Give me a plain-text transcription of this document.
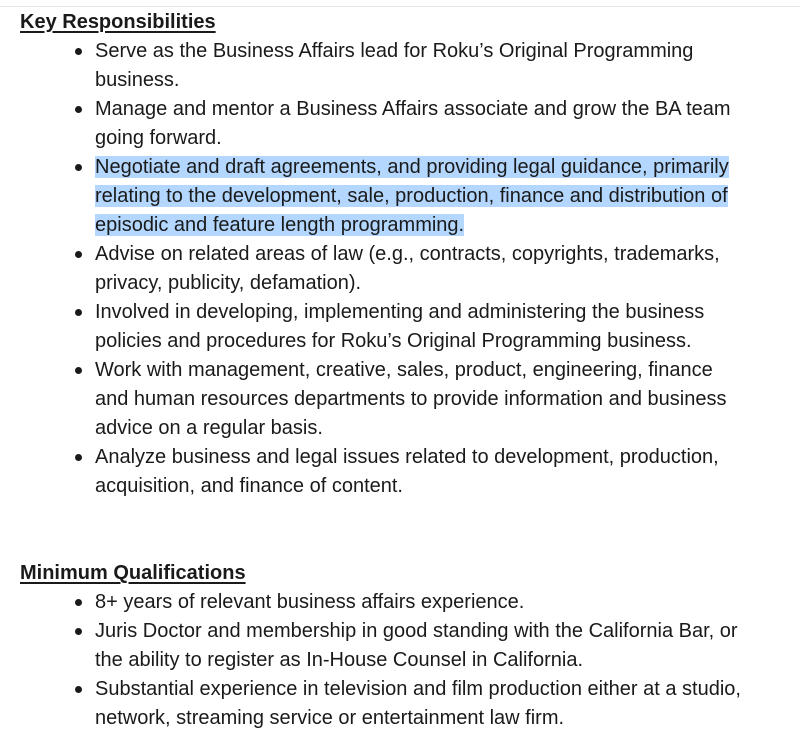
Key Responsibilities
Serve as the Business Affairs lead for Roku’s Original Programming business.
Manage and mentor a Business Affairs associate and grow the BA team going forward.
Negotiate and draft agreements, and providing legal guidance, primarily relating to the development, sale, production, finance and distribution of episodic and feature length programming.
Advise on related areas of law (e.g., contracts, copyrights, trademarks, privacy, publicity, defamation).
Involved in developing, implementing and administering the business policies and procedures for Roku’s Original Programming business.
Work with management, creative, sales, product, engineering, finance and human resources departments to provide information and business advice on a regular basis.
Analyze business and legal issues related to development, production, acquisition, and finance of content.
Minimum Qualifications
8+ years of relevant business affairs experience.
Juris Doctor and membership in good standing with the California Bar, or the ability to register as In-House Counsel in California.
Substantial experience in television and film production either at a studio, network, streaming service or entertainment law firm.
